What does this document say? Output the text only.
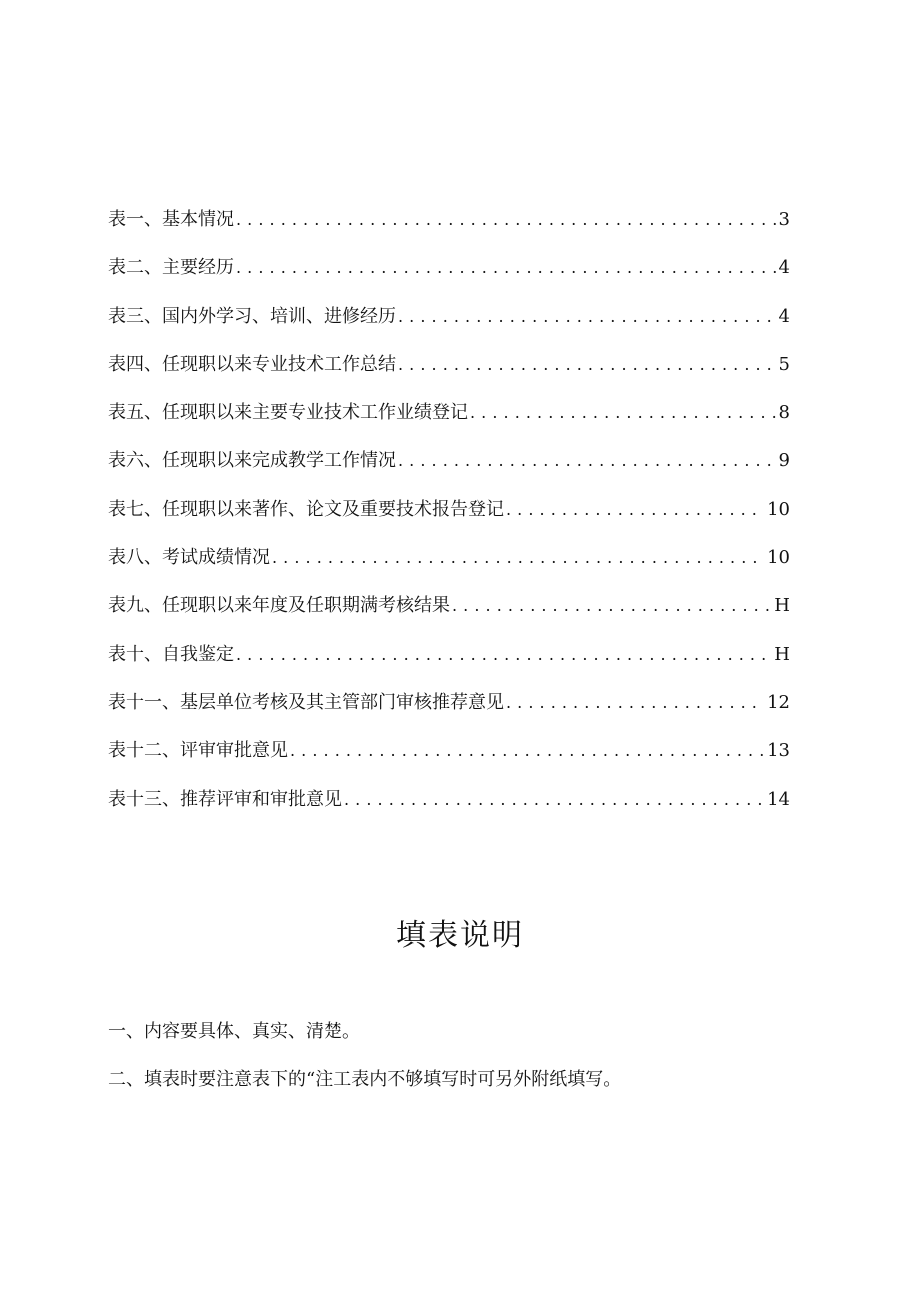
表一、基本情况 . . .	3
表二、主要经历 . . .	4
表三、国内外学习、培训、进修经历 . . .	4
表四、任现职以来专业技术工作总结 . . .	5
表五、任现职以来主要专业技术工作业绩登记 . . .	8
表六、任现职以来完成教学工作情况 . . .	9
表七、任现职以来著作、论文及重要技术报告登记 . . .	10
表八、考试成绩情况 . . .	10
表九、任现职以来年度及任职期满考核结果 . . .	H
表十、自我鉴定 . . .	H
表十一、基层单位考核及其主管部门审核推荐意见 . . .	12
表十二、评审审批意见 . . .	13
表十三、推荐评审和审批意见 . . .	14
填表说明
一、内容要具体、真实、清楚。
二、填表时要注意表下的“注工表内不够填写时可另外附纸填写。
